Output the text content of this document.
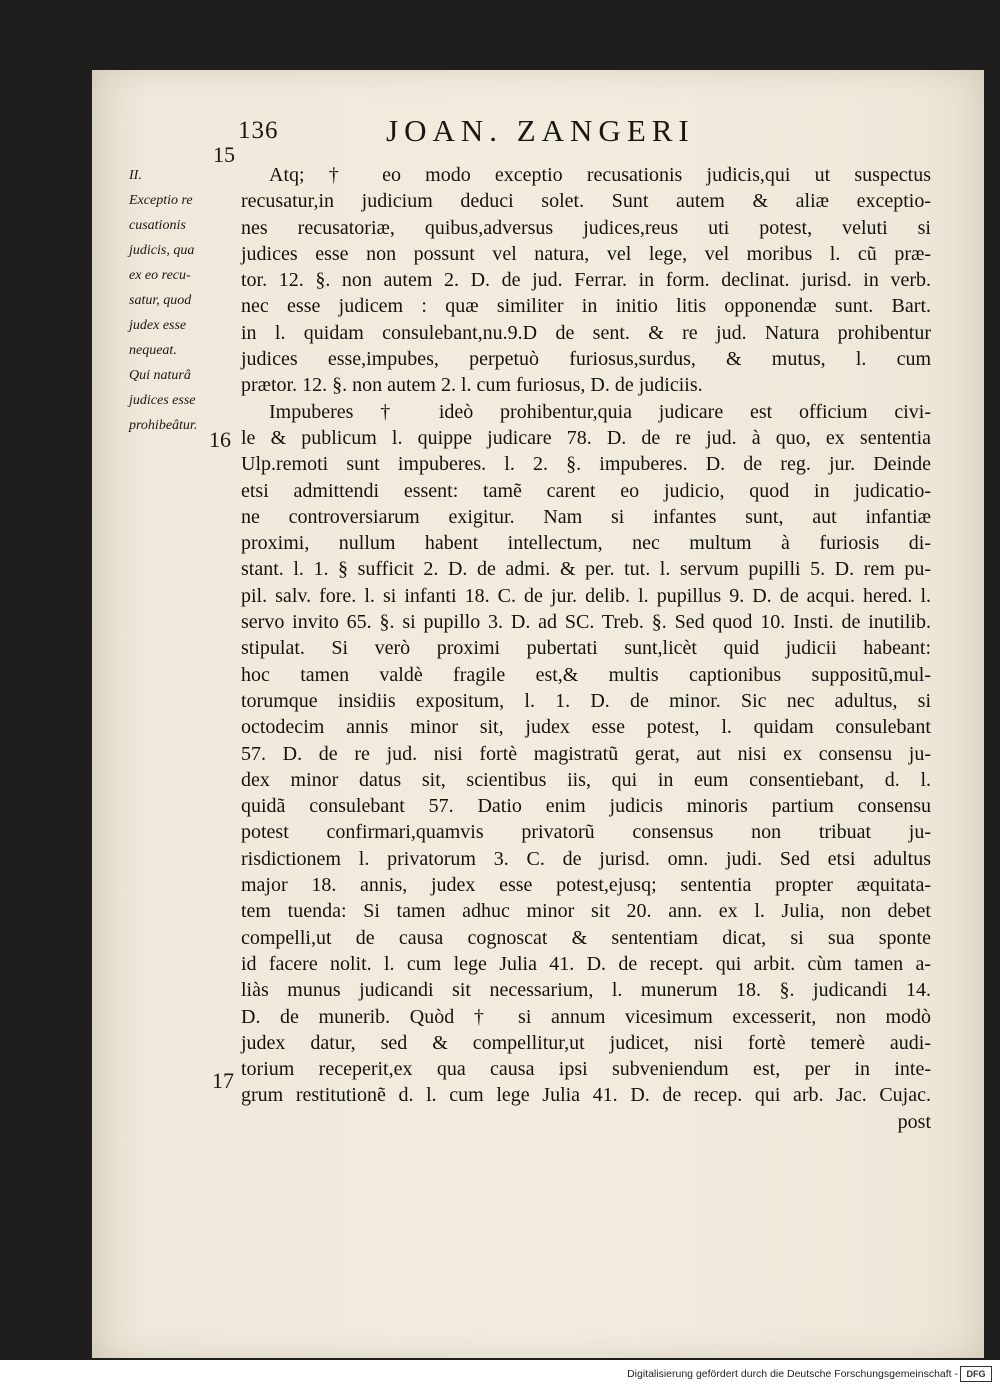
136	JOAN. ZANGERI
15
16
17
II.
Exceptio re
cusationis
judicis, qua
ex eo recu-
satur, quod
judex esse
nequeat.
Qui naturâ
judices esse
prohibeâtur.
Atq; † eo modo exceptio recusationis judicis,qui ut suspectus
recusatur,in judicium deduci solet. Sunt autem & aliæ exceptio-
nes recusatoriæ, quibus,adversus judices,reus uti potest, veluti si
judices esse non possunt vel natura, vel lege, vel moribus l. cũ præ-
tor. 12. §. non autem 2. D. de jud. Ferrar. in form. declinat. jurisd. in verb.
nec esse judicem : quæ similiter in initio litis opponendæ sunt. Bart.
in l. quidam consulebant,nu.9.D de sent. & re jud. Natura prohibentur
judices esse,impubes, perpetuò furiosus,surdus, & mutus, l. cum
prætor. 12. §. non autem 2. l. cum furiosus, D. de judiciis.
Impuberes † ideò prohibentur,quia judicare est officium civi-
le & publicum l. quippe judicare 78. D. de re jud. à quo, ex sententia
Ulp.remoti sunt impuberes. l. 2. §. impuberes. D. de reg. jur. Deinde
etsi admittendi essent: tamẽ carent eo judicio, quod in judicatio-
ne controversiarum exigitur. Nam si infantes sunt, aut infantiæ
proximi, nullum habent intellectum, nec multum à furiosis di-
stant. l. 1. § sufficit 2. D. de admi. & per. tut. l. servum pupilli 5. D. rem pu-
pil. salv. fore. l. si infanti 18. C. de jur. delib. l. pupillus 9. D. de acqui. hered. l.
servo invito 65. §. si pupillo 3. D. ad SC. Treb. §. Sed quod 10. Insti. de inutilib.
stipulat. Si verò proximi pubertati sunt,licèt quid judicii habeant:
hoc tamen valdè fragile est,& multis captionibus suppositũ,mul-
torumque insidiis expositum, l. 1. D. de minor. Sic nec adultus, si
octodecim annis minor sit, judex esse potest, l. quidam consulebant
57. D. de re jud. nisi fortè magistratũ gerat, aut nisi ex consensu ju-
dex minor datus sit, scientibus iis, qui in eum consentiebant, d. l.
quidã consulebant 57. Datio enim judicis minoris partium consensu
potest confirmari,quamvis privatorũ consensus non tribuat ju-
risdictionem l. privatorum 3. C. de jurisd. omn. judi. Sed etsi adultus
major 18. annis, judex esse potest,ejusq; sententia propter æquitata-
tem tuenda: Si tamen adhuc minor sit 20. ann. ex l. Julia, non debet
compelli,ut de causa cognoscat & sententiam dicat, si sua sponte
id facere nolit. l. cum lege Julia 41. D. de recept. qui arbit. cùm tamen a-
liàs munus judicandi sit necessarium, l. munerum 18. §. judicandi 14.
D. de munerib. Quòd † si annum vicesimum excesserit, non modò
judex datur, sed & compellitur,ut judicet, nisi fortè temerè audi-
torium receperit,ex qua causa ipsi subveniendum est, per in inte-
grum restitutionẽ d. l. cum lege Julia 41. D. de recep. qui arb. Jac. Cujac.
post
Digitalisierung gefördert durch die Deutsche Forschungsgemeinschaft - DFG
